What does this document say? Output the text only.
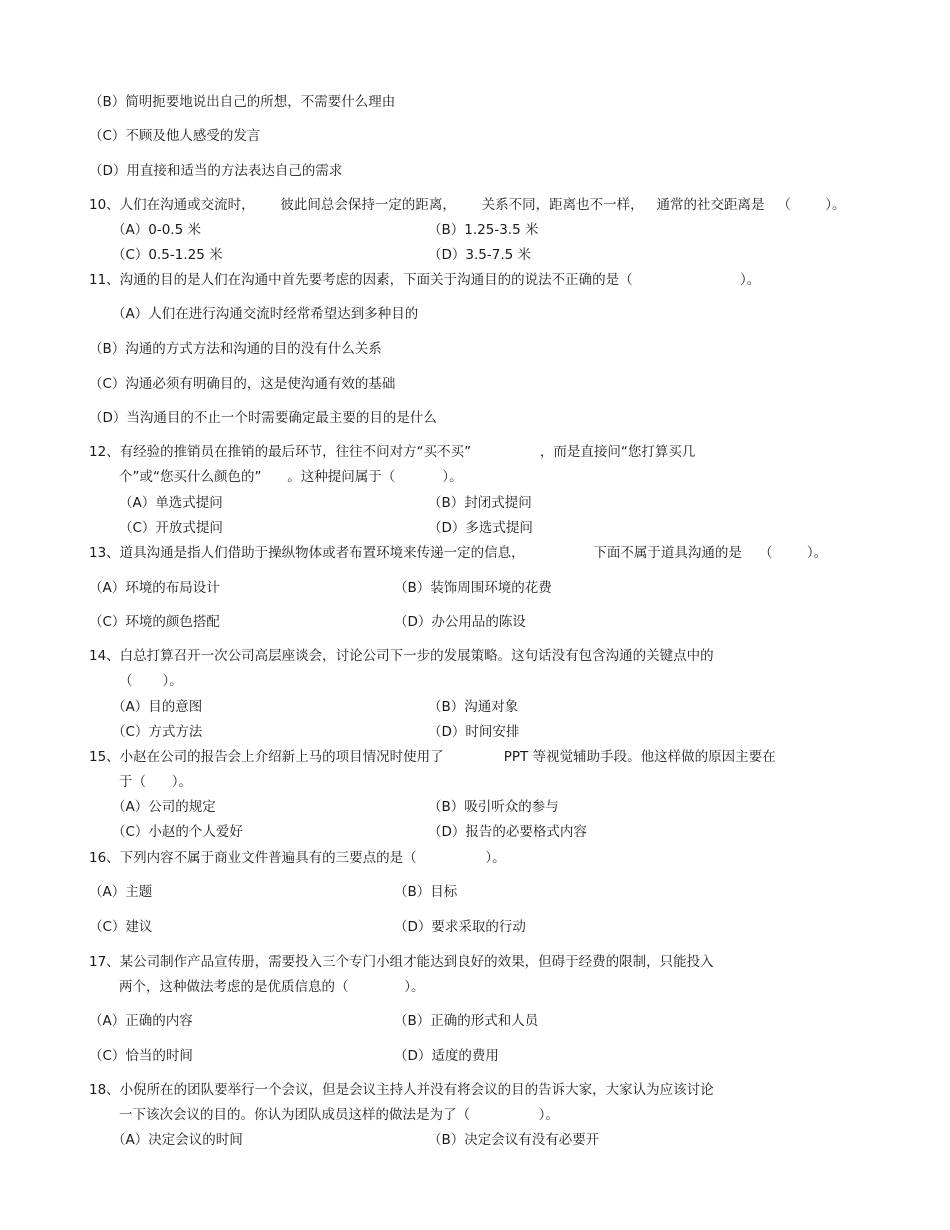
（B）简明扼要地说出自己的所想，不需要什么理由
（C）不顾及他人感受的发言
（D）用直接和适当的方法表达自己的需求
10、人们在沟通或交流时，      彼此间总会保持一定的距离，      关系不同，距离也不一样，   通常的社交距离是   （        ）。
（A）0-0.5 米	（B）1.25-3.5 米
（C）0.5-1.25 米	（D）3.5-7.5 米
11、沟通的目的是人们在沟通中首先要考虑的因素，下面关于沟通目的的说法不正确的是（                         ）。
（A）人们在进行沟通交流时经常希望达到多种目的
（B）沟通的方式方法和沟通的目的没有什么关系
（C）沟通必须有明确目的，这是使沟通有效的基础
（D）当沟通目的不止一个时需要确定最主要的目的是什么
12、有经验的推销员在推销的最后环节，往往不问对方“买不买”                ，而是直接问“您打算买几
个”或“您买什么颜色的”      。这种提问属于（           ）。
（A）单选式提问	（B）封闭式提问
（C）开放式提问	（D）多选式提问
13、道具沟通是指人们借助于操纵物体或者布置环境来传递一定的信息，                下面不属于道具沟通的是    （        ）。
（A）环境的布局设计	（B）装饰周围环境的花费
（C）环境的颜色搭配	（D）办公用品的陈设
14、白总打算召开一次公司高层座谈会，讨论公司下一步的发展策略。这句话没有包含沟通的关键点中的
（       ）。
（A）目的意图	（B）沟通对象
（C）方式方法	（D）时间安排
15、小赵在公司的报告会上介绍新上马的项目情况时使用了              PPT 等视觉辅助手段。他这样做的原因主要在
于（      ）。
（A）公司的规定	（B）吸引听众的参与
（C）小赵的个人爱好	（D）报告的必要格式内容
16、下列内容不属于商业文件普遍具有的三要点的是（                ）。
（A）主题	（B）目标
（C）建议	（D）要求采取的行动
17、某公司制作产品宣传册，需要投入三个专门小组才能达到良好的效果，但碍于经费的限制，只能投入
两个，这种做法考虑的是优质信息的（             ）。
（A）正确的内容	（B）正确的形式和人员
（C）恰当的时间	（D）适度的费用
18、小倪所在的团队要举行一个会议，但是会议主持人并没有将会议的目的告诉大家，大家认为应该讨论
一下该次会议的目的。你认为团队成员这样的做法是为了（                ）。
（A）决定会议的时间	（B）决定会议有没有必要开
